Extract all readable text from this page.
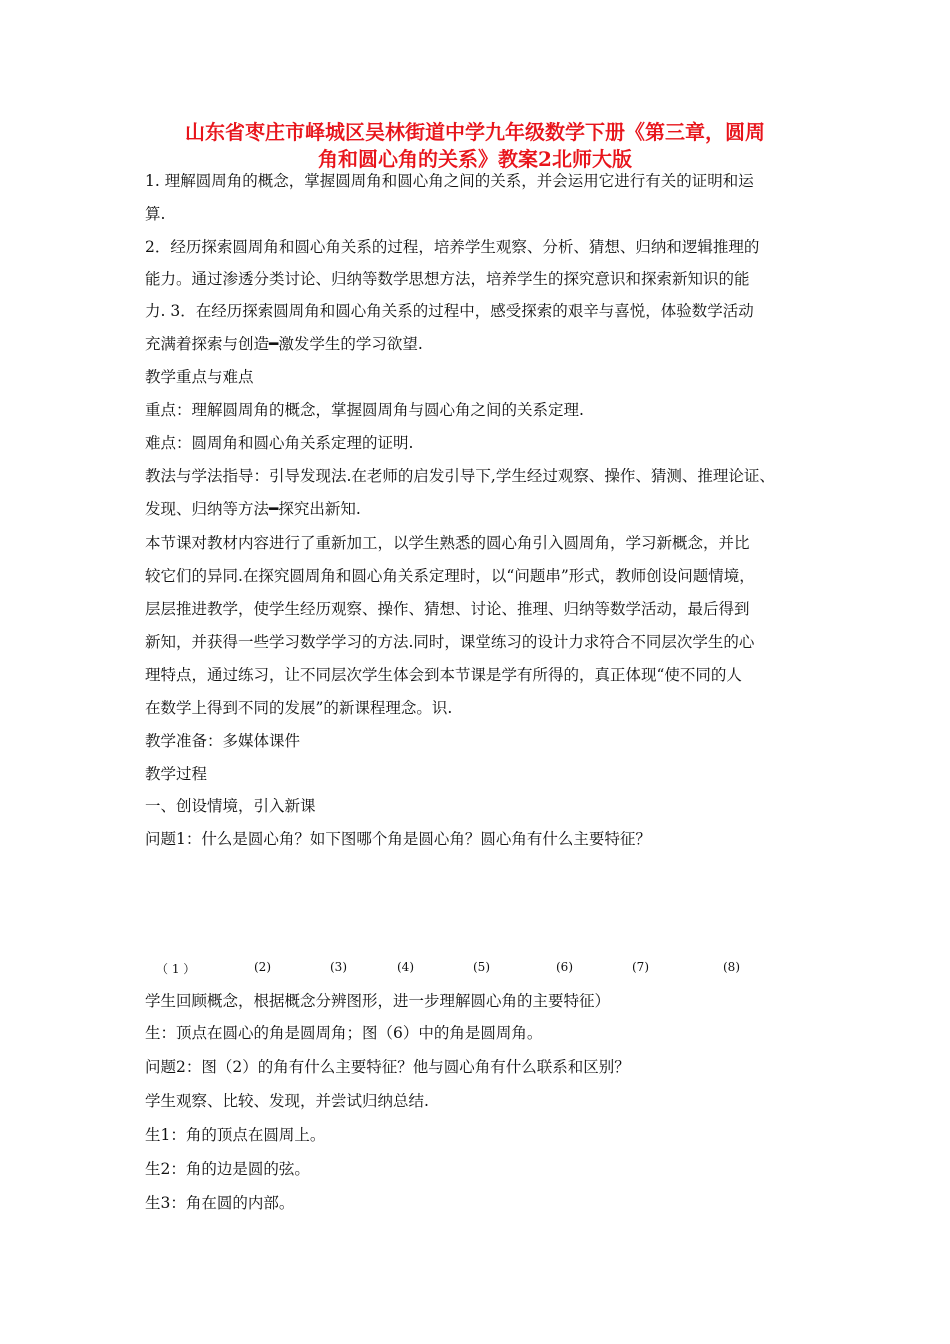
山东省枣庄市峄城区吴林街道中学九年级数学下册《第三章，圆周
角和圆心角的关系》教案2北师大版

1. 理解圆周角的概念，掌握圆周角和圆心角之间的关系，并会运用它进行有关的证明和运

算.

2．经历探索圆周角和圆心角关系的过程，培养学生观察、分析、猜想、归纳和逻辑推理的

能力。通过渗透分类讨论、归纳等数学思想方法，培养学生的探究意识和探索新知识的能

力. 3．在经历探索圆周角和圆心角关系的过程中，感受探索的艰辛与喜悦，体验数学活动

充满着探索与创造━激发学生的学习欲望.

教学重点与难点

重点：理解圆周角的概念，掌握圆周角与圆心角之间的关系定理.

难点：圆周角和圆心角关系定理的证明.

教法与学法指导：引导发现法.在老师的启发引导下,学生经过观察、操作、猜测、推理论证、

发现、归纳等方法━探究出新知.

本节课对教材内容进行了重新加工，以学生熟悉的圆心角引入圆周角，学习新概念，并比

较它们的异同.在探究圆周角和圆心角关系定理时，以“问题串”形式，教师创设问题情境，

层层推进教学，使学生经历观察、操作、猜想、讨论、推理、归纳等数学活动，最后得到

新知，并获得一些学习数学学习的方法.同时，课堂练习的设计力求符合不同层次学生的心

理特点，通过练习，让不同层次学生体会到本节课是学有所得的，真正体现“使不同的人

在数学上得到不同的发展”的新课程理念。识.

教学准备：多媒体课件

教学过程

一、创设情境，引入新课

问题1：什么是圆心角？如下图哪个角是圆心角？圆心角有什么主要特征？

（ 1 ）	(2)	(3)	(4)	(5)	(6)	(7)	(8)

学生回顾概念，根据概念分辨图形，进一步理解圆心角的主要特征）

生：顶点在圆心的角是圆周角；图（6）中的角是圆周角。

问题2：图（2）的角有什么主要特征？他与圆心角有什么联系和区别？

学生观察、比较、发现，并尝试归纳总结.

生1：角的顶点在圆周上。

生2：角的边是圆的弦。

生3：角在圆的内部。
